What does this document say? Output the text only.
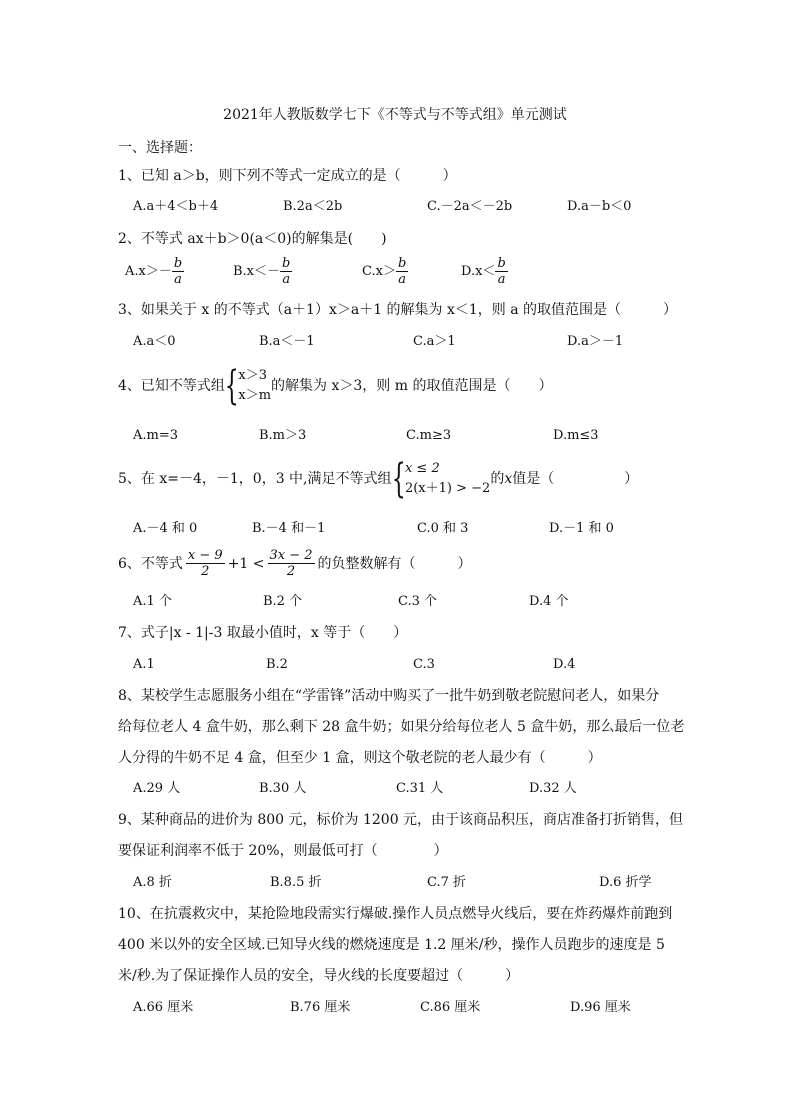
2021年人教版数学七下《不等式与不等式组》单元测试
一、选择题：
1、已知 a＞b，则下列不等式一定成立的是（　　　）
A.a＋4＜b＋4	B.2a＜2b	C.－2a＜－2b	D.a－b＜0
2、不等式 ax＋b＞0(a＜0)的解集是(　　)
$A.x>- \frac{b}{a}$	$B.x<- \frac{b}{a}$	$C.x> \frac{b}{a}$	$D.x< \frac{b}{a}$
3、如果关于 x 的不等式（a＋1）x＞a＋1 的解集为 x＜1，则 a 的取值范围是（　　　）
A.a＜0	B.a＜－1	C.a＞1	D.a＞－1
4、已知不等式组 { x＞3
x＞m
的解集为 x＞3，则 m 的取值范围是（　　）
A.m=3	B.m＞3	C.m≥3	D.m≤3
5、在 x=－4，－1，0，3 中,满足不等式组 { x ≤ 2
2(x＋1) > −2
的 x 值是（　　　　　）
A.－4 和 0	B.－4 和－1	C.0 和 3	D.－1 和 0
6、不等式 $\frac{x - 9}{2} +1 < \frac{3x - 2}{2}$ 的负整数解有（　　　）
A.1 个	B.2 个	C.3 个	D.4 个
7、式子|x - 1|-3 取最小值时，x 等于（　　）
A.1	B.2	C.3	D.4
8、某校学生志愿服务小组在“学雷锋”活动中购买了一批牛奶到敬老院慰问老人，如果分
给每位老人 4 盒牛奶，那么剩下 28 盒牛奶；如果分给每位老人 5 盒牛奶，那么最后一位老
人分得的牛奶不足 4 盒，但至少 1 盒，则这个敬老院的老人最少有（　　　）
A.29 人	B.30 人	C.31 人	D.32 人
9、某种商品的进价为 800 元，标价为 1200 元，由于该商品积压，商店准备打折销售，但
要保证利润率不低于 20%，则最低可打（　　　　）
A.8 折	B.8.5 折	C.7 折	D.6 折学
10、在抗震救灾中，某抢险地段需实行爆破.操作人员点燃导火线后，要在炸药爆炸前跑到
400 米以外的安全区域.已知导火线的燃烧速度是 1.2 厘米/秒，操作人员跑步的速度是 5
米/秒.为了保证操作人员的安全，导火线的长度要超过（　　　）
A.66 厘米	B.76 厘米	C.86 厘米	D.96 厘米
